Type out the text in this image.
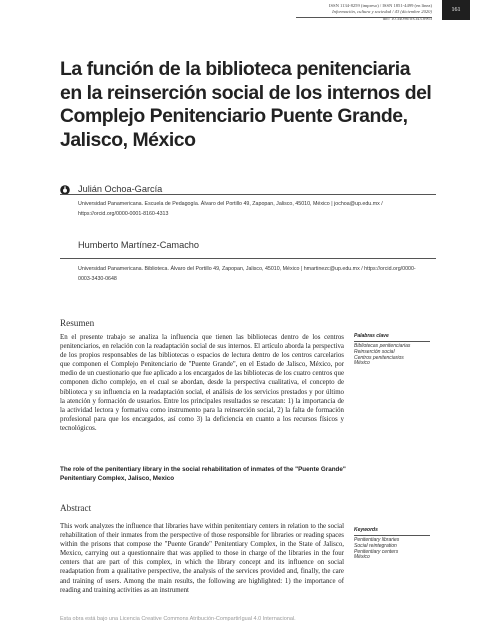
ISSN 1134-8259 (impreso) / ISSN 1851-4499 (en línea)
Información, cultura y sociedad / 43 (diciembre 2020)
doi: 10.34096/ics.i43.8963
161
La función de la biblioteca penitenciaria en la reinserción social de los internos del Complejo Penitenciario Puente Grande, Jalisco, México

Julián Ochoa-García

Universidad Panamericana. Escuela de Pedagogía. Álvaro del Portillo 49, Zapopan, Jalisco, 45010, México | jochoa@up.edu.mx / https://orcid.org/0000-0001-8160-4313

Humberto Martínez-Camacho

Universidad Panamericana. Biblioteca. Álvaro del Portillo 49, Zapopan, Jalisco, 45010, México | hmartinezc@up.edu.mx / https://orcid.org/0000-0003-3430-0648

Resumen

En el presente trabajo se analiza la influencia que tienen las bibliotecas dentro de los centros penitenciarios, en relación con la readaptación social de sus internos. El artículo aborda la perspectiva de los propios responsables de las bibliotecas o espacios de lectura dentro de los centros carcelarios que componen el Complejo Penitenciario de "Puente Grande", en el Estado de Jalisco, México, por medio de un cuestionario que fue aplicado a los encargados de las bibliotecas de los cuatro centros que componen dicho complejo, en el cual se abordan, desde la perspectiva cualitativa, el concepto de biblioteca y su influencia en la readaptación social, el análisis de los servicios prestados y por último la atención y formación de usuarios. Entre los principales resultados se rescatan: 1) la importancia de la actividad lectora y formativa como instrumento para la reinserción social, 2) la falta de formación profesional para que los encargados, así como 3) la deficiencia en cuanto a los recursos físicos y tecnológicos.

Palabras clave

Bibliotecas penitenciarias
Reinserción social
Centros penitenciarios
México

The role of the penitentiary library in the social rehabilitation of inmates of the "Puente Grande" Penitentiary Complex, Jalisco, Mexico

Abstract

This work analyzes the influence that libraries have within penitentiary centers in relation to the social rehabilitation of their inmates from the perspective of those responsible for libraries or reading spaces within the prisons that compose the "Puente Grande" Penitentiary Complex, in the State of Jalisco, Mexico, carrying out a questionnaire that was applied to those in charge of the libraries in the four centers that are part of this complex, in which the library concept and its influence on social readaptation from a qualitative perspective, the analysis of the services provided and, finally, the care and training of users. Among the main results, the following are highlighted: 1) the importance of reading and training activities as an instrument

Keywords

Penitentiary libraries
Social reintegration
Penitentiary centers
México

Esta obra está bajo una Licencia Creative Commons Atribución-CompartirIgual 4.0 Internacional.
